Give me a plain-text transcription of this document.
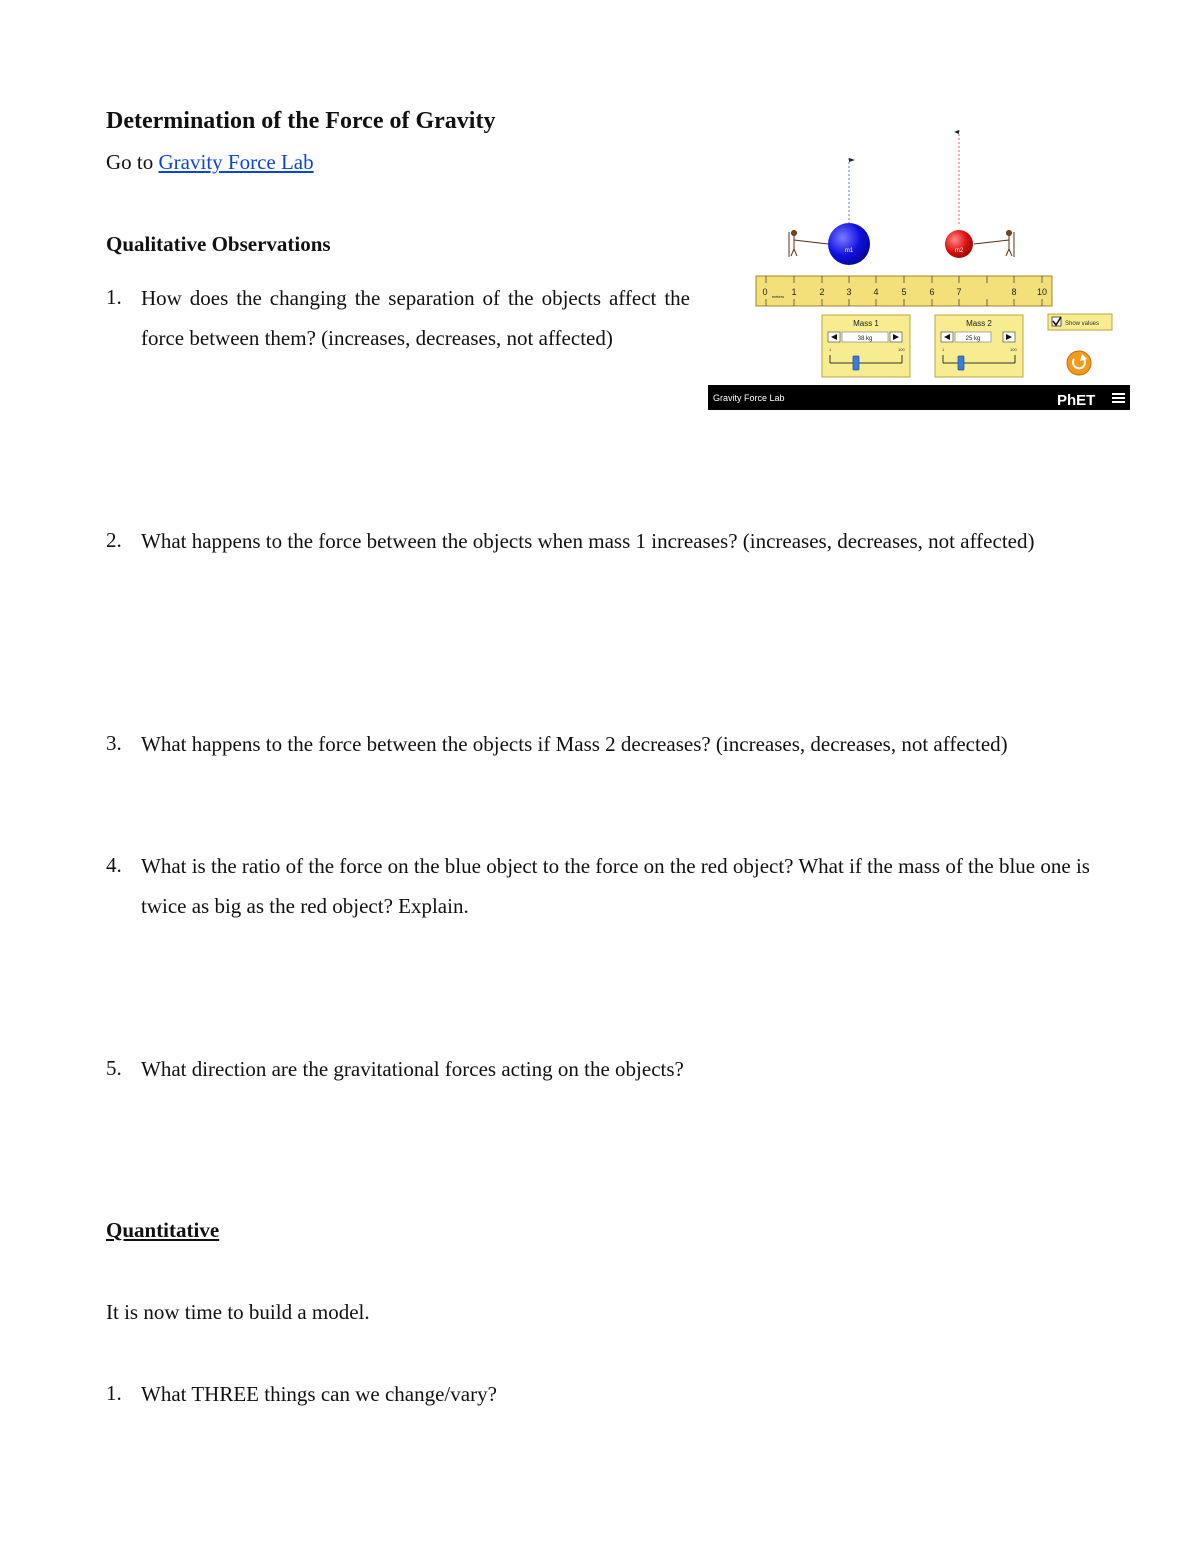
Determination of the Force of Gravity
Go to Gravity Force Lab
Qualitative Observations
1. How does the changing the separation of the objects affect the force between them? (increases, decreases, not affected)
2. What happens to the force between the objects when mass 1 increases? (increases, decreases, not affected)
3. What happens to the force between the objects if Mass 2 decreases? (increases, decreases, not affected)
4. What is the ratio of the force on the blue object to the force on the red object? What if the mass of the blue one is twice as big as the red object? Explain.
5. What direction are the gravitational forces acting on the objects?
Quantitative
It is now time to build a model.
1. What THREE things can we change/vary?
m1	m2
1	2 3 4	5	6 7	8 10
0 meters
Mass 1
38 kg
1	100
Mass 2
25 kg
1	100
Show values
Gravity Force Lab	PhET
